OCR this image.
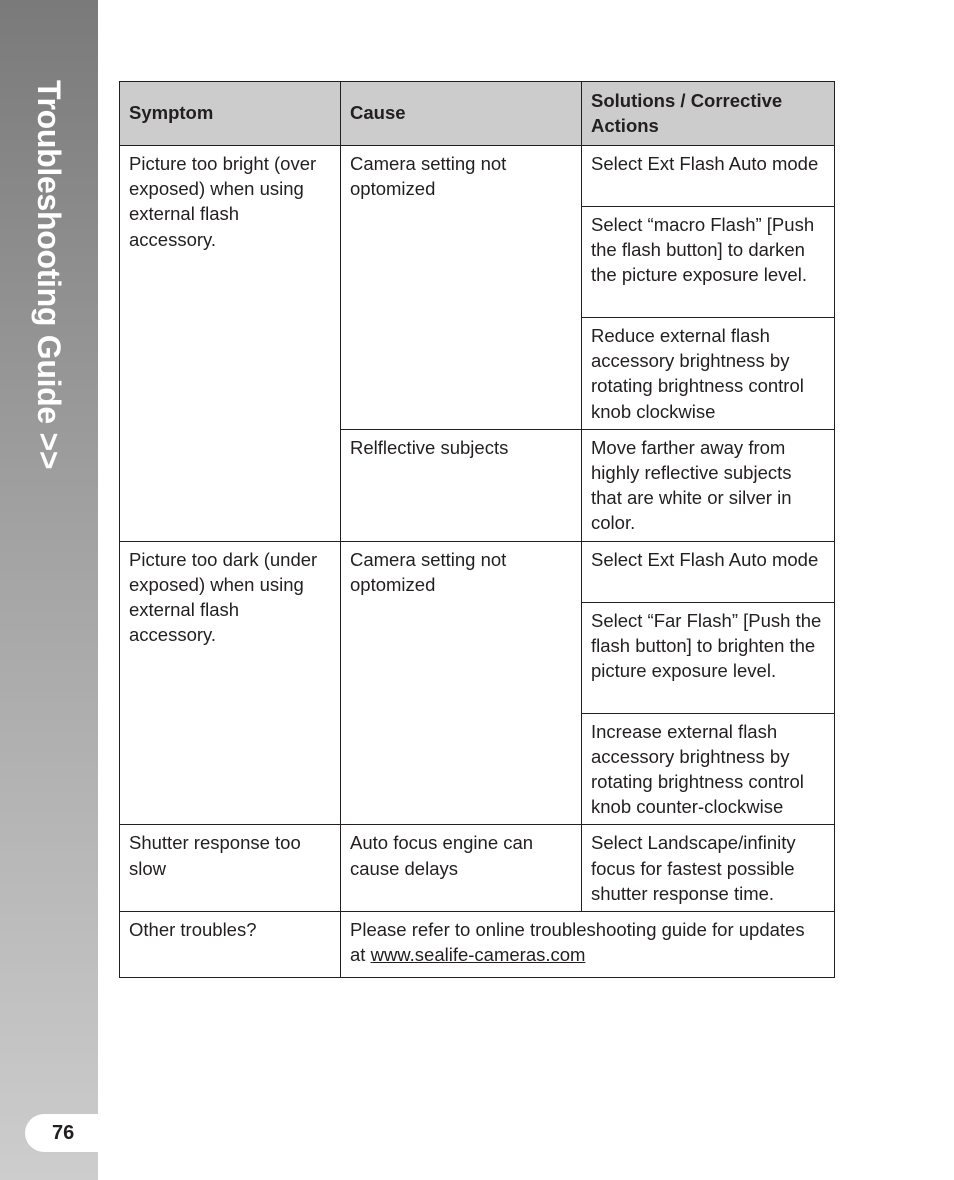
Troubleshooting Guide >>
76
Symptom	Cause	Solutions / Corrective Actions
Picture too bright (over exposed) when using external flash accessory.	Camera setting not optomized	Select Ext Flash Auto mode
		Select “macro Flash” [Push the flash button] to darken the picture exposure level.
		Reduce external flash accessory brightness by rotating brightness control knob clockwise
	Relflective subjects	Move farther away from highly reflective subjects that are white or silver in color.
Picture too dark (under exposed) when using external flash accessory.	Camera setting not optomized	Select Ext Flash Auto mode
		Select “Far Flash” [Push the flash button] to brighten the picture exposure level.
		Increase external flash accessory brightness by rotating brightness control knob counter-clockwise
Shutter response too slow	Auto focus engine can cause delays	Select Landscape/infinity focus for fastest possible shutter response time.
Other troubles?	Please refer to online troubleshooting guide for updates at www.sealife-cameras.com	
